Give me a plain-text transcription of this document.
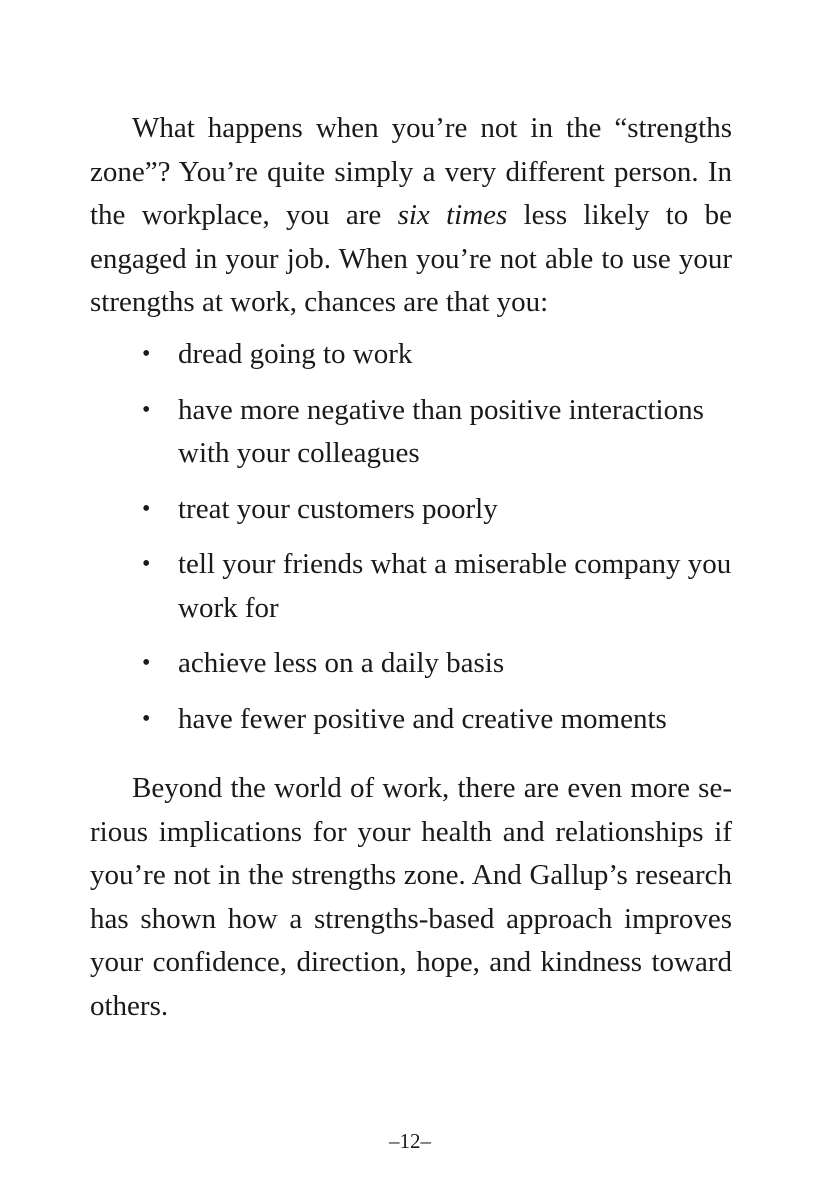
What happens when you’re not in the “strengths zone”? You’re quite simply a very different person. In the workplace, you are six times less likely to be engaged in your job. When you’re not able to use your strengths at work, chances are that you:
• dread going to work
• have more negative than positive interactions with your colleagues
• treat your customers poorly
• tell your friends what a miserable company you work for
• achieve less on a daily basis
• have fewer positive and creative moments
Beyond the world of work, there are even more se-rious implications for your health and relationships if you’re not in the strengths zone. And Gallup’s research has shown how a strengths-based approach improves your confidence, direction, hope, and kindness toward others.
–12–
